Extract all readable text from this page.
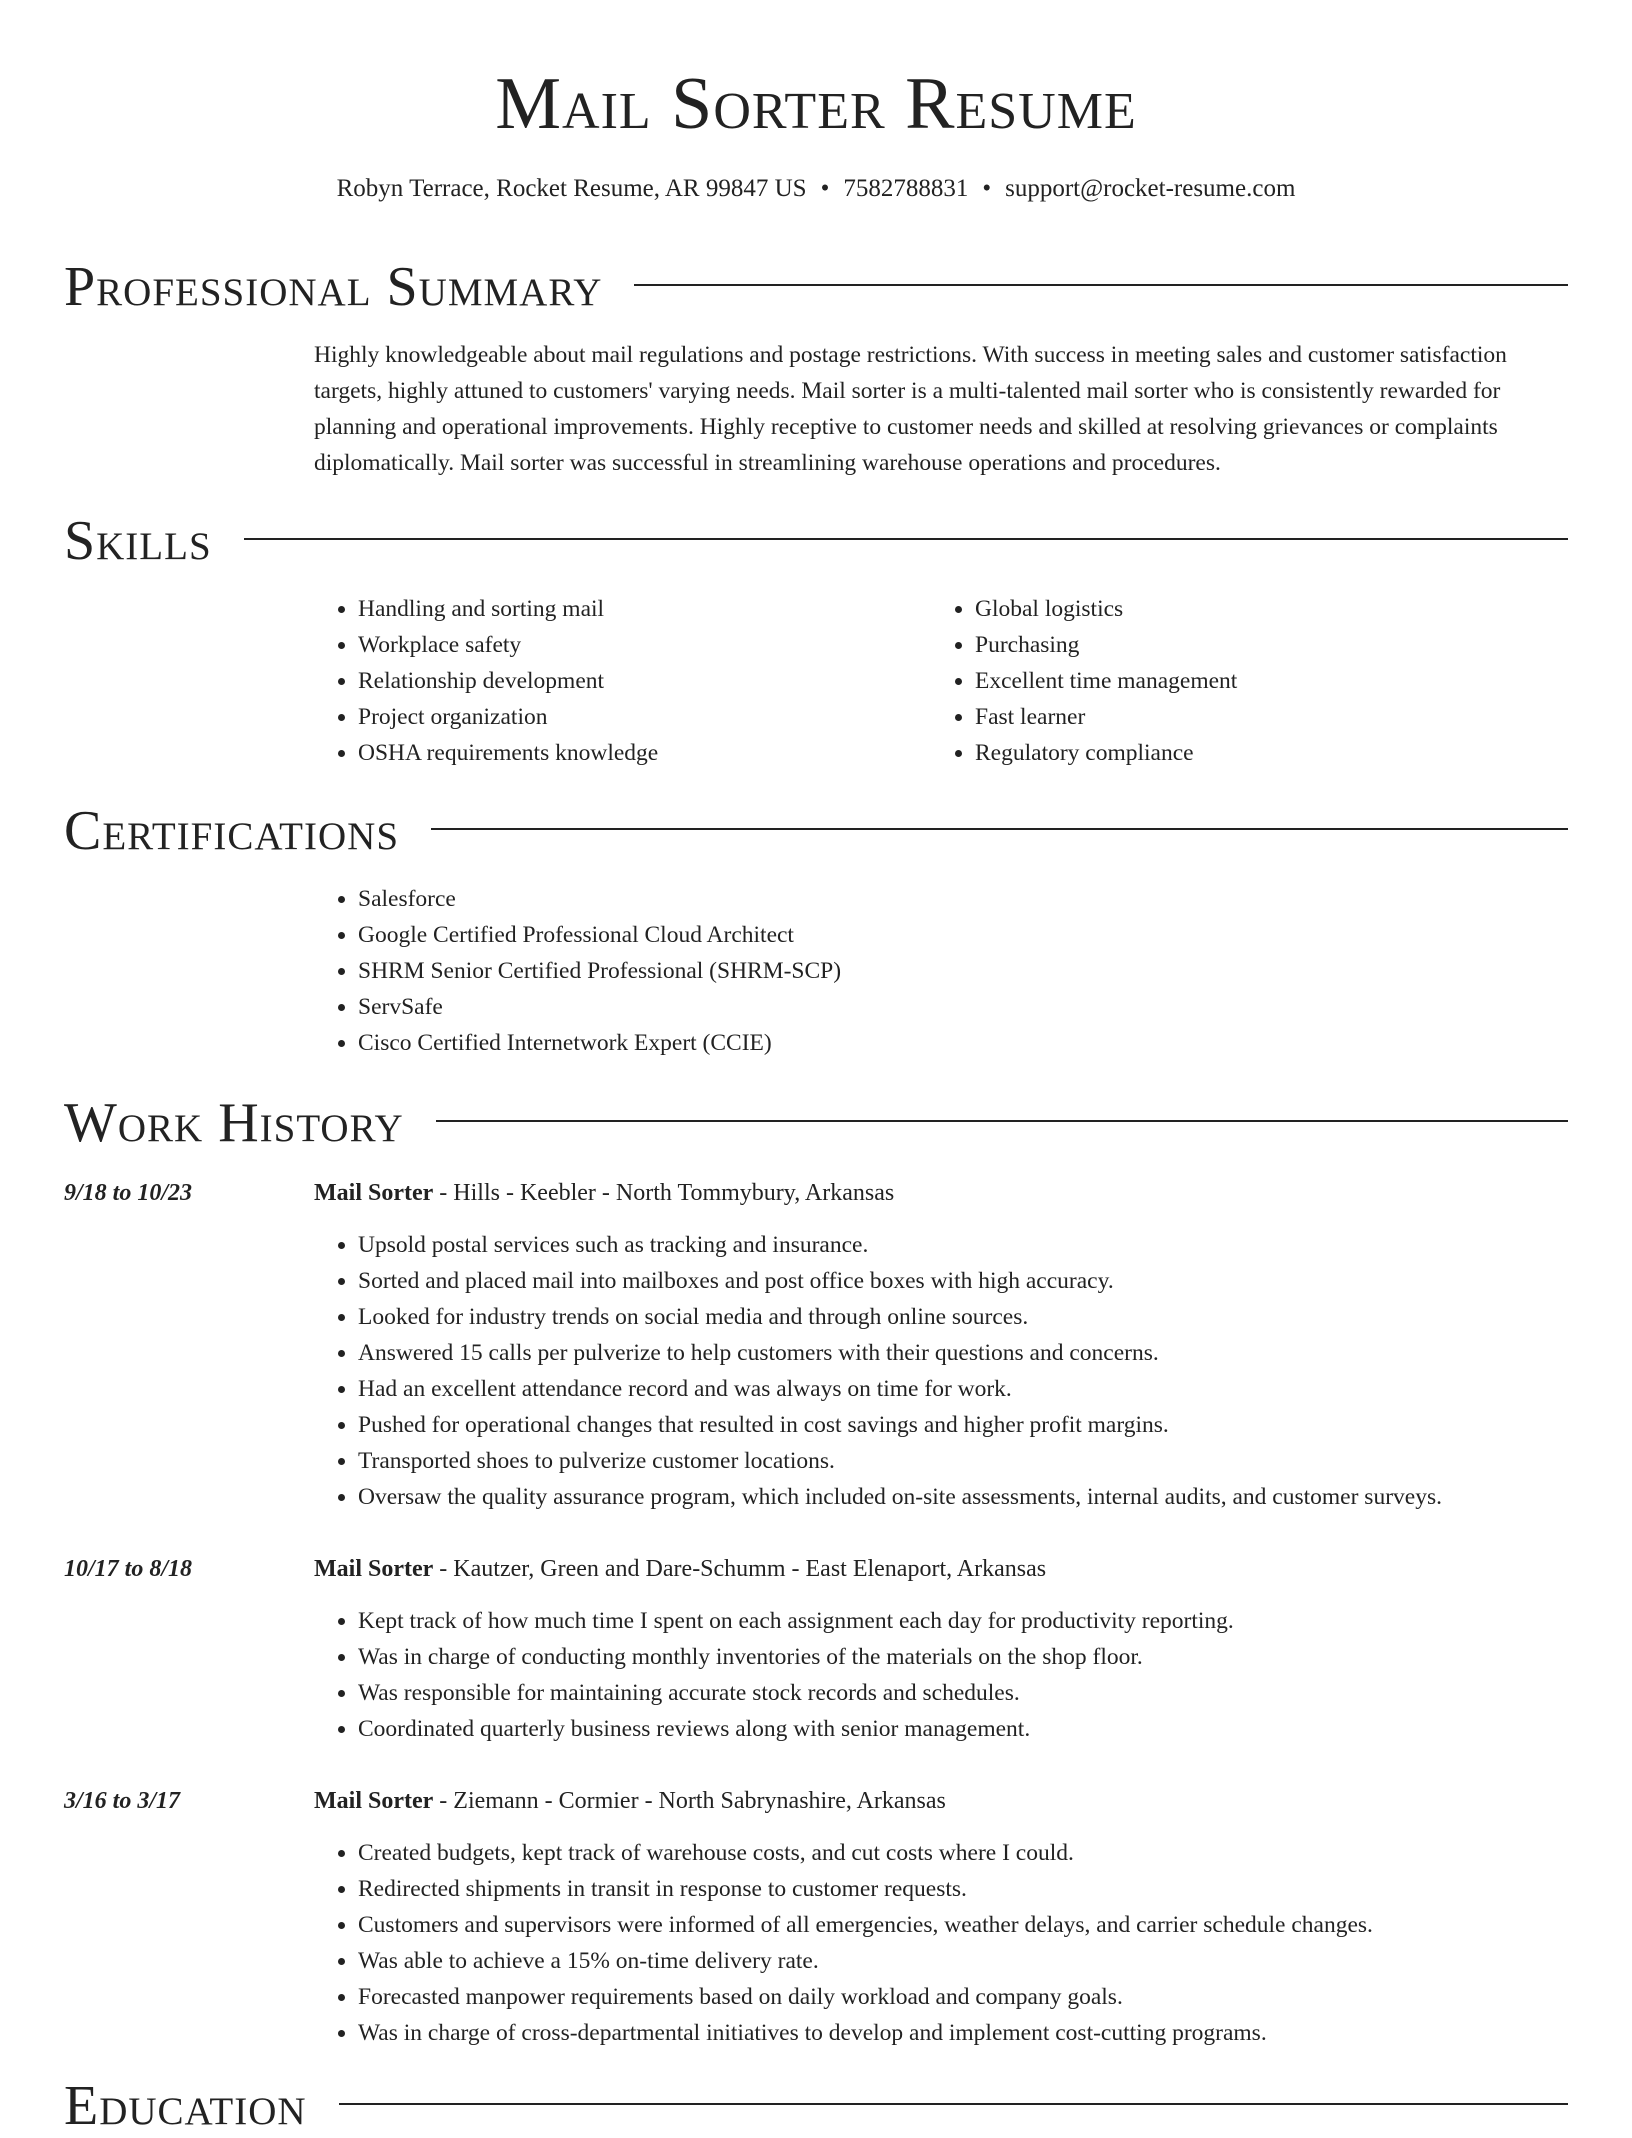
Mail Sorter Resume
Robyn Terrace, Rocket Resume, AR 99847 US • 7582788831 • support@rocket-resume.com
Professional Summary

Highly knowledgeable about mail regulations and postage restrictions. With success in meeting sales and customer satisfaction targets, highly attuned to customers' varying needs. Mail sorter is a multi-talented mail sorter who is consistently rewarded for planning and operational improvements. Highly receptive to customer needs and skilled at resolving grievances or complaints diplomatically. Mail sorter was successful in streamlining warehouse operations and procedures.

Skills
• Handling and sorting mail
• Workplace safety
• Relationship development
• Project organization
• OSHA requirements knowledge
• Global logistics
• Purchasing
• Excellent time management
• Fast learner
• Regulatory compliance
Certifications
• Salesforce
• Google Certified Professional Cloud Architect
• SHRM Senior Certified Professional (SHRM-SCP)
• ServSafe
• Cisco Certified Internetwork Expert (CCIE)
Work History
9/18 to 10/23	Mail Sorter - Hills - Keebler - North Tommybury, Arkansas
• Upsold postal services such as tracking and insurance.
• Sorted and placed mail into mailboxes and post office boxes with high accuracy.
• Looked for industry trends on social media and through online sources.
• Answered 15 calls per pulverize to help customers with their questions and concerns.
• Had an excellent attendance record and was always on time for work.
• Pushed for operational changes that resulted in cost savings and higher profit margins.
• Transported shoes to pulverize customer locations.
• Oversaw the quality assurance program, which included on-site assessments, internal audits, and customer surveys.
10/17 to 8/18	Mail Sorter - Kautzer, Green and Dare-Schumm - East Elenaport, Arkansas
• Kept track of how much time I spent on each assignment each day for productivity reporting.
• Was in charge of conducting monthly inventories of the materials on the shop floor.
• Was responsible for maintaining accurate stock records and schedules.
• Coordinated quarterly business reviews along with senior management.
3/16 to 3/17	Mail Sorter - Ziemann - Cormier - North Sabrynashire, Arkansas
• Created budgets, kept track of warehouse costs, and cut costs where I could.
• Redirected shipments in transit in response to customer requests.
• Customers and supervisors were informed of all emergencies, weather delays, and carrier schedule changes.
• Was able to achieve a 15% on-time delivery rate.
• Forecasted manpower requirements based on daily workload and company goals.
• Was in charge of cross-departmental initiatives to develop and implement cost-cutting programs.
Education
